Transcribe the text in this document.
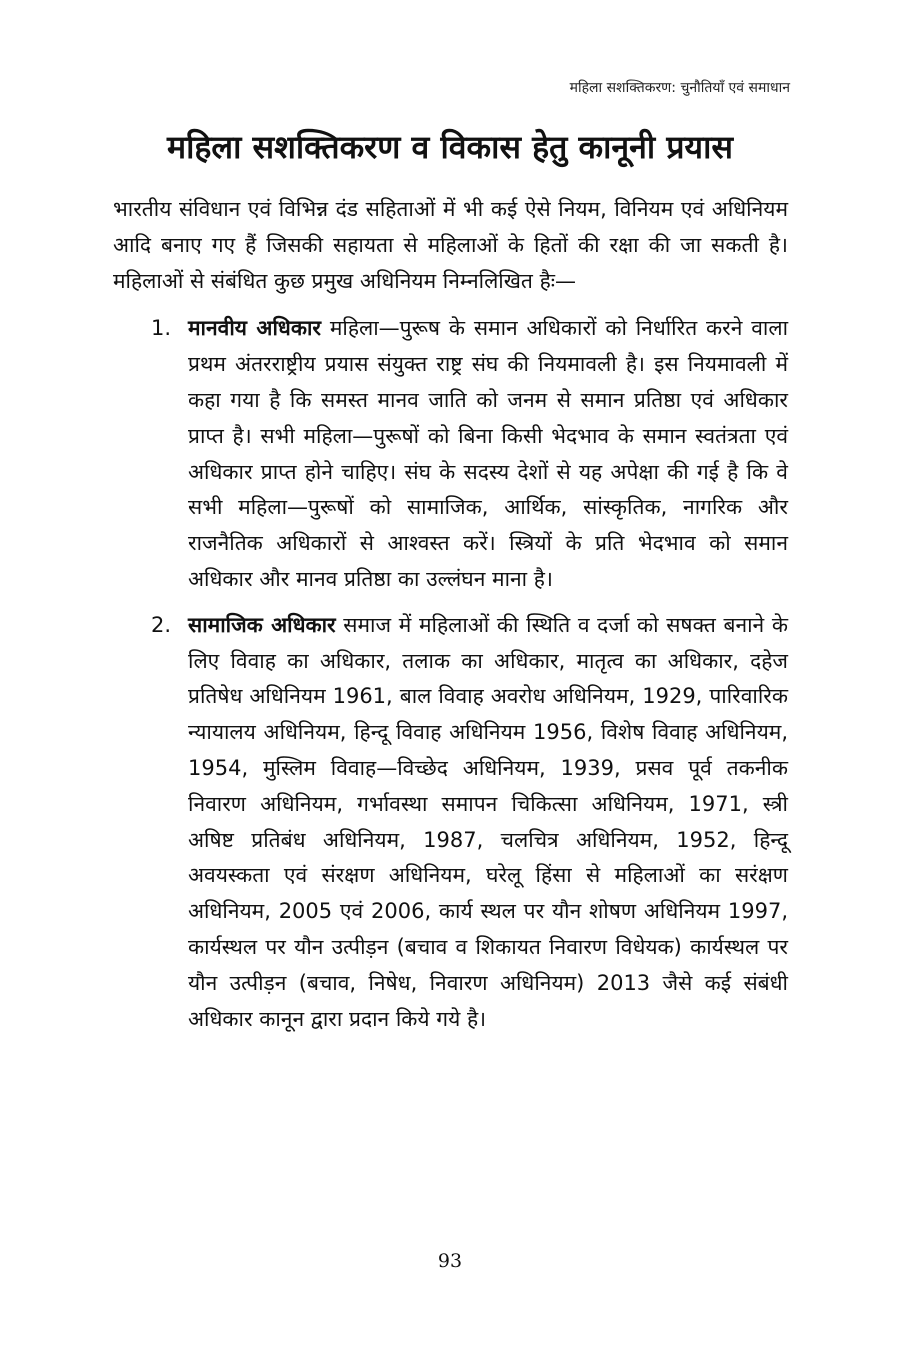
महिला सशक्तिकरण: चुनौतियाँ एवं समाधान
महिला सशक्तिकरण व विकास हेतु कानूनी प्रयास

भारतीय संविधान एवं विभिन्न दंड सहिताओं में भी कई ऐसे नियम, विनियम एवं अधिनियम आदि बनाए गए हैं जिसकी सहायता से महिलाओं के हितों की रक्षा की जा सकती है। महिलाओं से संबंधित कुछ प्रमुख अधिनियम निम्नलिखित हैः—

1. मानवीय अधिकार महिला—पुरूष के समान अधिकारों को निर्धारित करने वाला प्रथम अंतरराष्ट्रीय प्रयास संयुक्त राष्ट्र संघ की नियमावली है। इस नियमावली में कहा गया है कि समस्त मानव जाति को जनम से समान प्रतिष्ठा एवं अधिकार प्राप्त है। सभी महिला—पुरूषों को बिना किसी भेदभाव के समान स्वतंत्रता एवं अधिकार प्राप्त होने चाहिए। संघ के सदस्य देशों से यह अपेक्षा की गई है कि वे सभी महिला—पुरूषों को सामाजिक, आर्थिक, सांस्कृतिक, नागरिक और राजनैतिक अधिकारों से आश्वस्त करें। स्त्रियों के प्रति भेदभाव को समान अधिकार और मानव प्रतिष्ठा का उल्लंघन माना है।
2. सामाजिक अधिकार समाज में महिलाओं की स्थिति व दर्जा को सषक्त बनाने के लिए विवाह का अधिकार, तलाक का अधिकार, मातृत्व का अधिकार, दहेज प्रतिषेध अधिनियम 1961, बाल विवाह अवरोध अधिनियम, 1929, पारिवारिक न्यायालय अधिनियम, हिन्दू विवाह अधिनियम 1956, विशेष विवाह अधिनियम, 1954, मुस्लिम विवाह—विच्छेद अधिनियम, 1939, प्रसव पूर्व तकनीक निवारण अधिनियम, गर्भावस्था समापन चिकित्सा अधिनियम, 1971, स्त्री अषिष्ट प्रतिबंध अधिनियम, 1987, चलचित्र अधिनियम, 1952, हिन्दू अवयस्कता एवं संरक्षण अधिनियम, घरेलू हिंसा से महिलाओं का सरंक्षण अधिनियम, 2005 एवं 2006, कार्य स्थल पर यौन शोषण अधिनियम 1997, कार्यस्थल पर यौन उत्पीड़न (बचाव व शिकायत निवारण विधेयक) कार्यस्थल पर यौन उत्पीड़न (बचाव, निषेध, निवारण अधिनियम) 2013 जैसे कई संबंधी अधिकार कानून द्वारा प्रदान किये गये है।
93
